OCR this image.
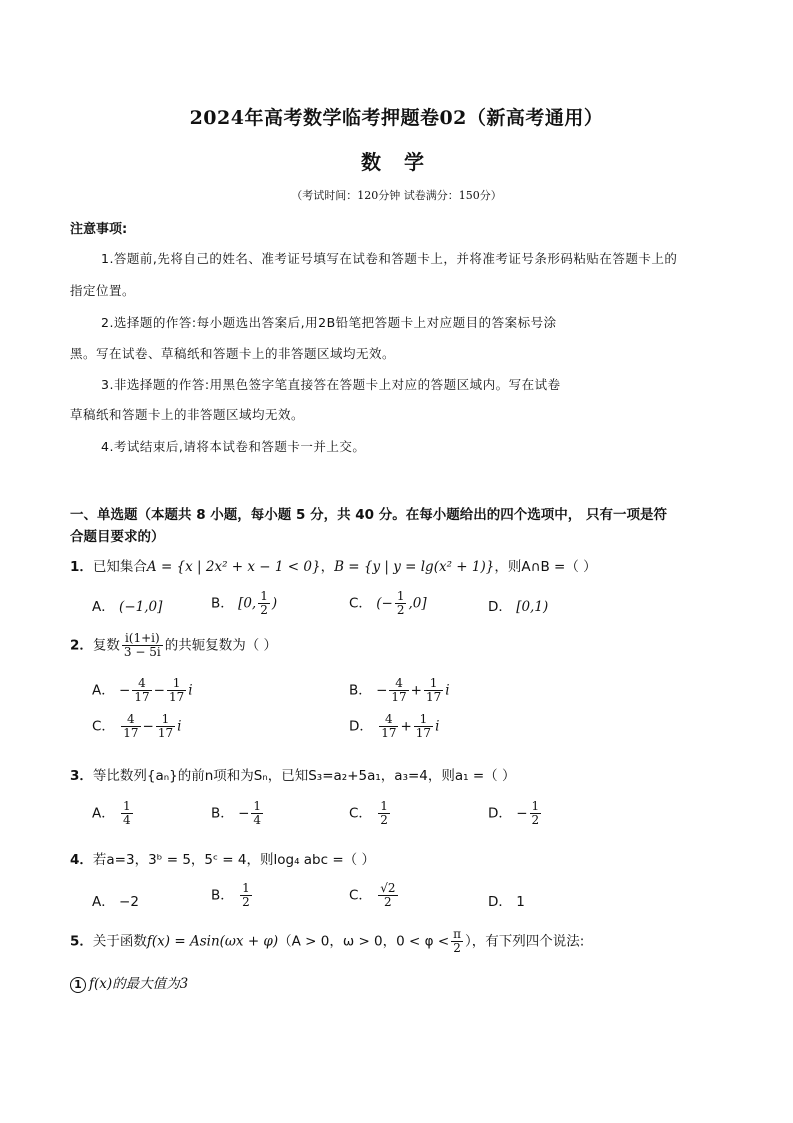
2024年高考数学临考押题卷02（新高考通用）
数 学
（考试时间：120分钟 试卷满分：150分）
注意事项:
1.答题前,先将自己的姓名、准考证号填写在试卷和答题卡上，并将准考证号条形码粘贴在答题卡上的
指定位置。
2.选择题的作答:每小题选出答案后,用2B铅笔把答题卡上对应题目的答案标号涂
黑。写在试卷、草稿纸和答题卡上的非答题区域均无效。
3.非选择题的作答:用黑色签字笔直接答在答题卡上对应的答题区域内。写在试卷
草稿纸和答题卡上的非答题区域均无效。
4.考试结束后,请将本试卷和答题卡一并上交。
一、单选题（本题共 8 小题，每小题 5 分，共 40 分。在每小题给出的四个选项中， 只有一项是符
合题目要求的）
1．已知集合A = {x | 2x² + x − 1 < 0}，B = {y | y = lg(x² + 1)}，则A∩B =（ ）
A． (−1,0]	B． [0, $\frac{1}{2}$ )	C． (− $\frac{1}{2} ,0$]	D． [0,1)
2．复数 $\frac{i(1+i)}{3 - 5i}$ 的共轭复数为（ ）
A． − $\frac{4}{17} - \frac{1}{17}$ i	B． − $\frac{4}{17} + \frac{1}{17}$ i
C． $\frac{4}{17} - \frac{1}{17}$ i	D． $\frac{4}{17} + \frac{1}{17}$ i
3．等比数列{aₙ}的前n项和为Sₙ，已知S₃=a₂+5a₁，a₃=4，则a₁ =（ ）
A． $\frac{1}{4}$	B． − $\frac{1}{4}$	C． $\frac{1}{2}$	D． − $\frac{1}{2}$
4．若a=3，3ᵇ = 5，5ᶜ = 4，则log₄ abc =（ ）
A． −2	B． $\frac{1}{2}$	C． $\frac{√2}{2}$	D． 1
5．关于函数f(x) = Asin(ωx + φ)（A > 0，ω > 0，$0 < \varphi < \frac{\pi}{2}$ ），有下列四个说法:
1 f(x)的最大值为3
